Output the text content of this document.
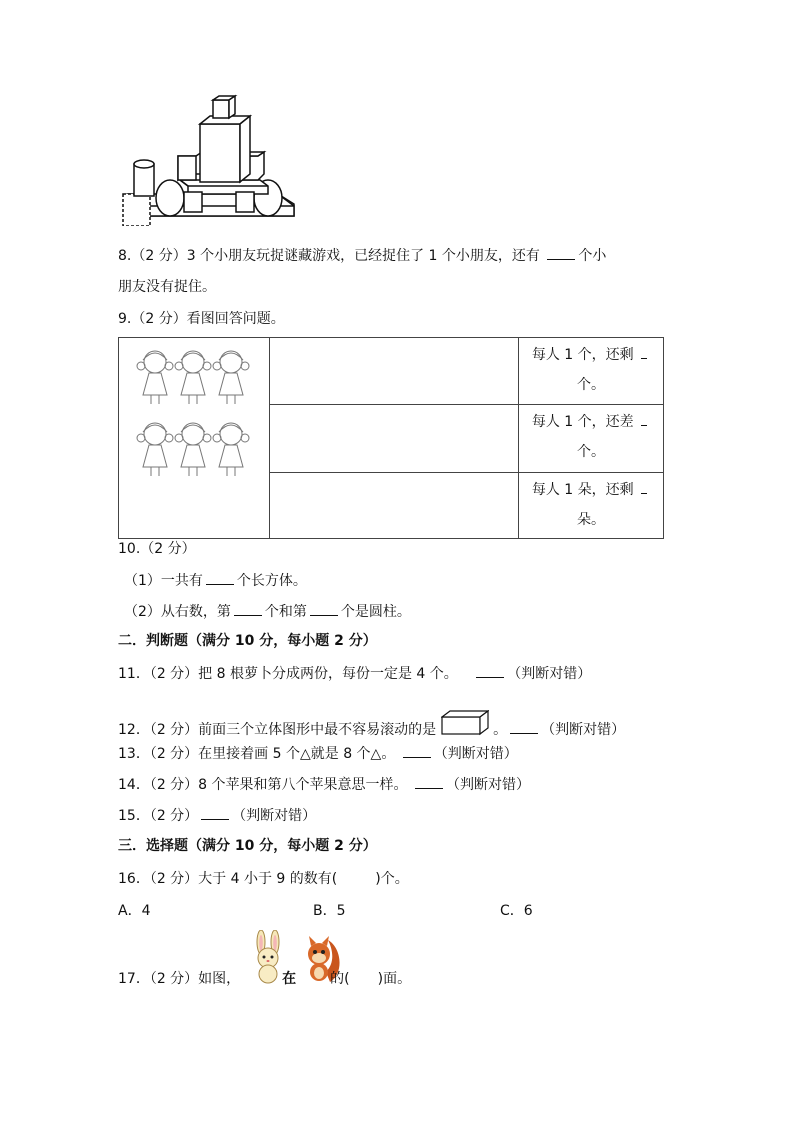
8.（2 分）3 个小朋友玩捉谜藏游戏，已经捉住了 1 个小朋友，还有	个小
朋友没有捉住。
9.（2 分）看图回答问题。

每人 1 个，还剩
个。

		每人 1 个，还差
个。

		每人 1 朵，还剩
朵。
10.（2 分）
（1）一共有 个长方体。
（2）从右数，第 个和第 个是圆柱。
二．判断题（满分 10 分，每小题 2 分）
11．（2 分）把 8 根萝卜分成两份，每份一定是 4 个。	（判断对错）
12．（2 分）前面三个立体图形中最不容易滚动的是	。 （判断对错）
13．（2 分）在里接着画 5 个△就是 8 个△。	（判断对错）
14．（2 分）8 个苹果和第八个苹果意思一样。	（判断对错）
15．（2 分） （判断对错）
三．选择题（满分 10 分，每小题 2 分）
16．（2 分）大于 4 小于 9 的数有(	)个。
A．4	B．5	C．6
17．（2 分）如图，	在 的( )面。
